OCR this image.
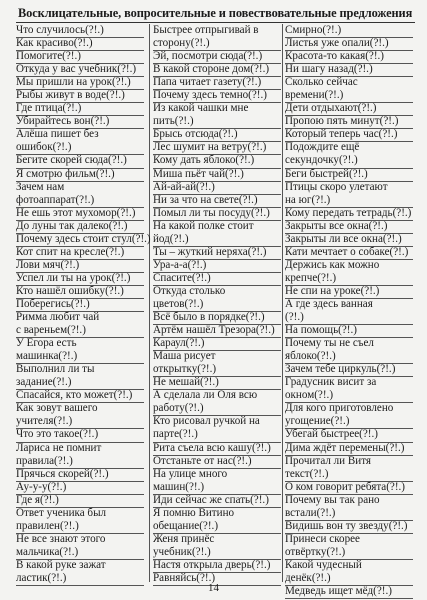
Восклицательные, вопросительные и повествовательные предложения
Что случилось(?!.)
Как красиво(?!.)
Помогите(?!.)
Откуда у вас учебник(?!.)
Мы пришли на урок(?!.)
Рыбы живут в воде(?!.)
Где птица(?!.)
Убирайтесь вон(?!.)
Алёша пишет без
ошибок(?!.)
Бегите скорей сюда(?!.)
Я смотрю фильм(?!.)
Зачем нам
фотоаппарат(?!.)
Не ешь этот мухомор(?!.)
До луны так далеко(?!.)
Почему здесь стоит стул(?!.)
Кот спит на кресле(?!.)
Лови мяч(?!.)
Успел ли ты на урок(?!.)
Кто нашёл ошибку(?!.)
Поберегись(?!.)
Римма любит чай
с вареньем(?!.)
У Егора есть
машинка(?!.)
Выполнил ли ты
задание(?!.)
Спасайся, кто может(?!.)
Как зовут вашего
учителя(?!.)
Что это такое(?!.)
Лариса не помнит
правила(?!.)
Прячься скорей(?!.)
Ау-у-у(?!.)
Где я(?!.)
Ответ ученика был
правилен(?!.)
Не все знают этого
мальчика(?!.)
В какой руке зажат
ластик(?!.)
Быстрее отпрыгивай в
сторону(?!.)
Эй, посмотри сюда(?!.)
В какой стороне дом(?!.)
Папа читает газету(?!.)
Почему здесь темно(?!.)
Из какой чашки мне
пить(?!.)
Брысь отсюда(?!.)
Лес шумит на ветру(?!.)
Кому дать яблоко(?!.)
Миша пьёт чай(?!.)
Ай-ай-ай(?!.)
Ни за что на свете(?!.)
Помыл ли ты посуду(?!.)
На какой полке стоит
йод(?!.)
Ты – жуткий неряха(?!.)
Ура-а-а(?!.)
Спасите(?!.)
Откуда столько
цветов(?!.)
Всё было в порядке(?!.)
Артём нашёл Трезора(?!.)
Караул(?!.)
Маша рисует
открытку(?!.)
Не мешай(?!.)
А сделала ли Оля всю
работу(?!.)
Кто рисовал ручкой на
парте(?!.)
Рита съела всю кашу(?!.)
Отстаньте от нас(?!.)
На улице много
машин(?!.)
Иди сейчас же спать(?!.)
Я помню Витино
обещание(?!.)
Женя принёс
учебник(?!.)
Настя открыла дверь(?!.)
Равняйсь(?!.)
Смирно(?!.)
Листья уже опали(?!.)
Красота-то какая(?!.)
Ни шагу назад(?!.)
Сколько сейчас
времени(?!.)
Дети отдыхают(?!.)
Пропою пять минут(?!.)
Который теперь час(?!.)
Подождите ещё
секундочку(?!.)
Беги быстрей(?!.)
Птицы скоро улетают
на юг(?!.)
Кому передать тетрадь(?!.)
Закрыты все окна(?!.)
Закрыты ли все окна(?!.)
Кати мечтает о собаке(?!.)
Держись как можно
крепче(?!.)
Не спи на уроке(?!.)
А где здесь ванная
(?!.)
На помощь(?!.)
Почему ты не съел
яблоко(?!.)
Зачем тебе циркуль(?!.)
Градусник висит за
окном(?!.)
Для кого приготовлено
угощение(?!.)
Убегай быстрее(?!.)
Дима ждёт перемены(?!.)
Прочитал ли Витя
текст(?!.)
О ком говорит ребята(?!.)
Почему вы так рано
встали(?!.)
Видишь вон ту звезду(?!.)
Принеси скорее
отвёртку(?!.)
Какой чудесный
денёк(?!.)
Медведь ищет мёд(?!.)
14
